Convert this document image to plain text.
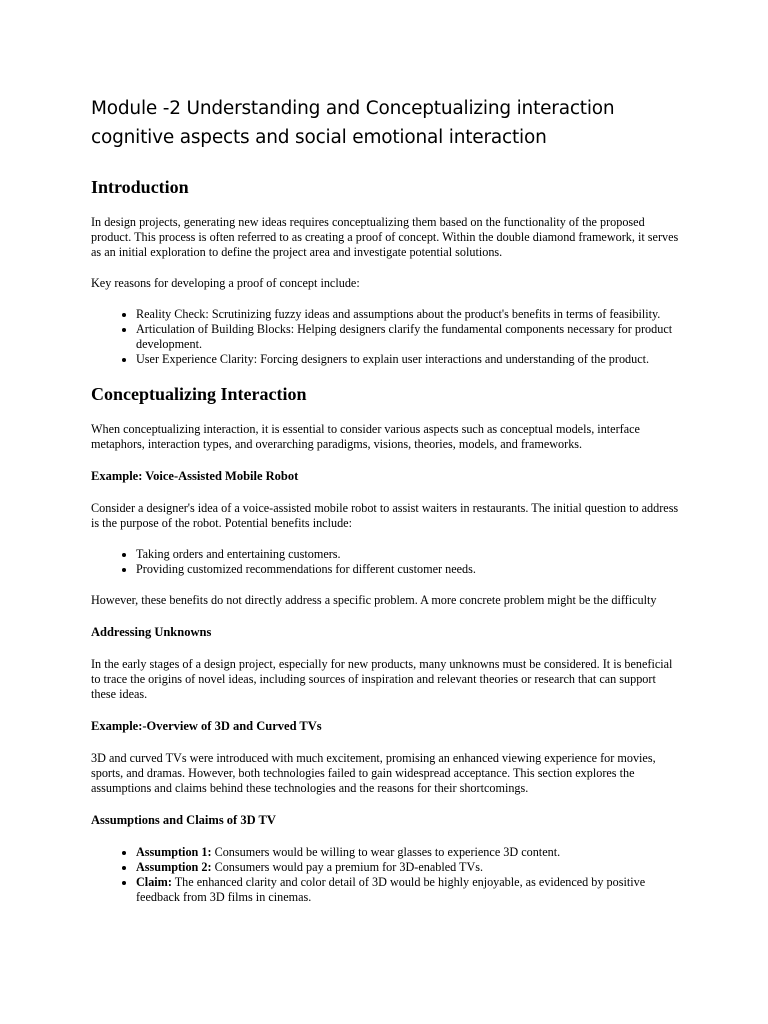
Module -2 Understanding and Conceptualizing interaction cognitive aspects and social emotional interaction
Introduction

In design projects, generating new ideas requires conceptualizing them based on the functionality of the proposed product. This process is often referred to as creating a proof of concept. Within the double diamond framework, it serves as an initial exploration to define the project area and investigate potential solutions.

Key reasons for developing a proof of concept include:

• Reality Check: Scrutinizing fuzzy ideas and assumptions about the product's benefits in terms of feasibility.
• Articulation of Building Blocks: Helping designers clarify the fundamental components necessary for product development.
• User Experience Clarity: Forcing designers to explain user interactions and understanding of the product.
Conceptualizing Interaction

When conceptualizing interaction, it is essential to consider various aspects such as conceptual models, interface metaphors, interaction types, and overarching paradigms, visions, theories, models, and frameworks.

Example: Voice-Assisted Mobile Robot

Consider a designer's idea of a voice-assisted mobile robot to assist waiters in restaurants. The initial question to address is the purpose of the robot. Potential benefits include:

• Taking orders and entertaining customers.
• Providing customized recommendations for different customer needs.

However, these benefits do not directly address a specific problem. A more concrete problem might be the difficulty

Addressing Unknowns

In the early stages of a design project, especially for new products, many unknowns must be considered. It is beneficial to trace the origins of novel ideas, including sources of inspiration and relevant theories or research that can support these ideas.

Example:-Overview of 3D and Curved TVs

3D and curved TVs were introduced with much excitement, promising an enhanced viewing experience for movies, sports, and dramas. However, both technologies failed to gain widespread acceptance. This section explores the assumptions and claims behind these technologies and the reasons for their shortcomings.

Assumptions and Claims of 3D TV
• Assumption 1: Consumers would be willing to wear glasses to experience 3D content.
• Assumption 2: Consumers would pay a premium for 3D-enabled TVs.
• Claim: The enhanced clarity and color detail of 3D would be highly enjoyable, as evidenced by positive feedback from 3D films in cinemas.
